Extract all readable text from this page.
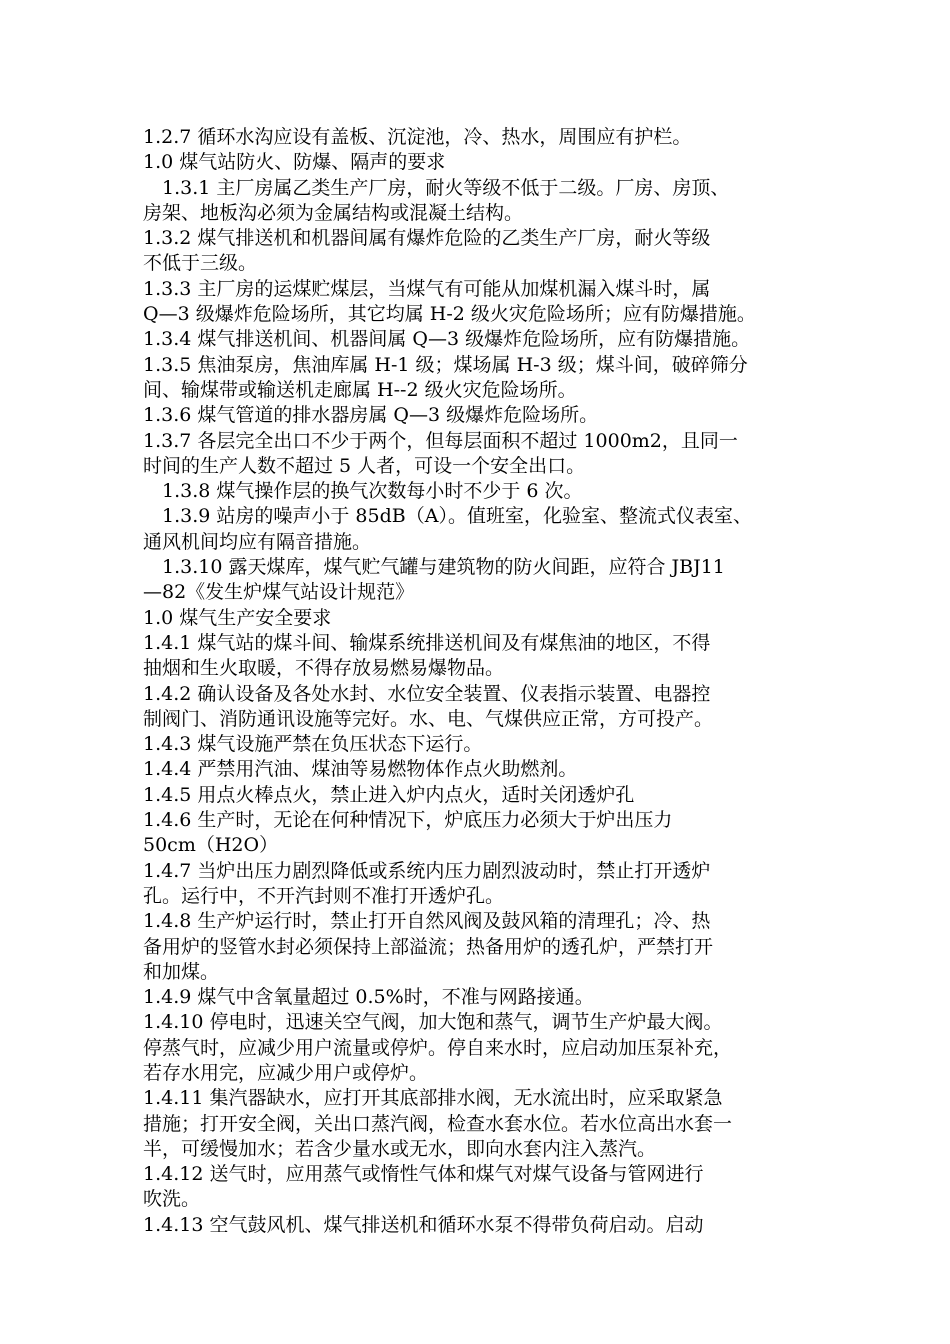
1.2.7 循环水沟应设有盖板、沉淀池，冷、热水，周围应有护栏。
1.0 煤气站防火、防爆、隔声的要求
1.3.1 主厂房属乙类生产厂房，耐火等级不低于二级。厂房、房顶、
房架、地板沟必须为金属结构或混凝土结构。
1.3.2 煤气排送机和机器间属有爆炸危险的乙类生产厂房，耐火等级
不低于三级。
1.3.3 主厂房的运煤贮煤层，当煤气有可能从加煤机漏入煤斗时，属
Q—3 级爆炸危险场所，其它均属 H-2 级火灾危险场所；应有防爆措施。
1.3.4 煤气排送机间、机器间属 Q—3 级爆炸危险场所，应有防爆措施。
1.3.5 焦油泵房，焦油库属 H-1 级；煤场属 H-3 级；煤斗间，破碎筛分
间、输煤带或输送机走廊属 H--2 级火灾危险场所。
1.3.6 煤气管道的排水器房属 Q—3 级爆炸危险场所。
1.3.7 各层完全出口不少于两个，但每层面积不超过 1000m2，且同一
时间的生产人数不超过 5 人者，可设一个安全出口。
1.3.8 煤气操作层的换气次数每小时不少于 6 次。
1.3.9 站房的噪声小于 85dB（A）。值班室，化验室、整流式仪表室、
通风机间均应有隔音措施。
1.3.10 露天煤库，煤气贮气罐与建筑物的防火间距，应符合 JBJ11
—82《发生炉煤气站设计规范》
1.0 煤气生产安全要求
1.4.1 煤气站的煤斗间、输煤系统排送机间及有煤焦油的地区，不得
抽烟和生火取暖，不得存放易燃易爆物品。
1.4.2 确认设备及各处水封、水位安全装置、仪表指示装置、电器控
制阀门、消防通讯设施等完好。水、电、气煤供应正常，方可投产。
1.4.3 煤气设施严禁在负压状态下运行。
1.4.4 严禁用汽油、煤油等易燃物体作点火助燃剂。
1.4.5 用点火棒点火，禁止进入炉内点火，适时关闭透炉孔
1.4.6 生产时，无论在何种情况下，炉底压力必须大于炉出压力
50cm（H2O）
1.4.7 当炉出压力剧烈降低或系统内压力剧烈波动时，禁止打开透炉
孔。运行中，不开汽封则不准打开透炉孔。
1.4.8 生产炉运行时，禁止打开自然风阀及鼓风箱的清理孔；冷、热
备用炉的竖管水封必须保持上部溢流；热备用炉的透孔炉，严禁打开
和加煤。
1.4.9 煤气中含氧量超过 0.5%时，不准与网路接通。
1.4.10 停电时，迅速关空气阀，加大饱和蒸气，调节生产炉最大阀。
停蒸气时，应减少用户流量或停炉。停自来水时，应启动加压泵补充，
若存水用完，应减少用户或停炉。
1.4.11 集汽器缺水，应打开其底部排水阀，无水流出时，应采取紧急
措施；打开安全阀，关出口蒸汽阀，检查水套水位。若水位高出水套一
半，可缓慢加水；若含少量水或无水，即向水套内注入蒸汽。
1.4.12 送气时，应用蒸气或惰性气体和煤气对煤气设备与管网进行
吹洗。
1.4.13 空气鼓风机、煤气排送机和循环水泵不得带负荷启动。启动
